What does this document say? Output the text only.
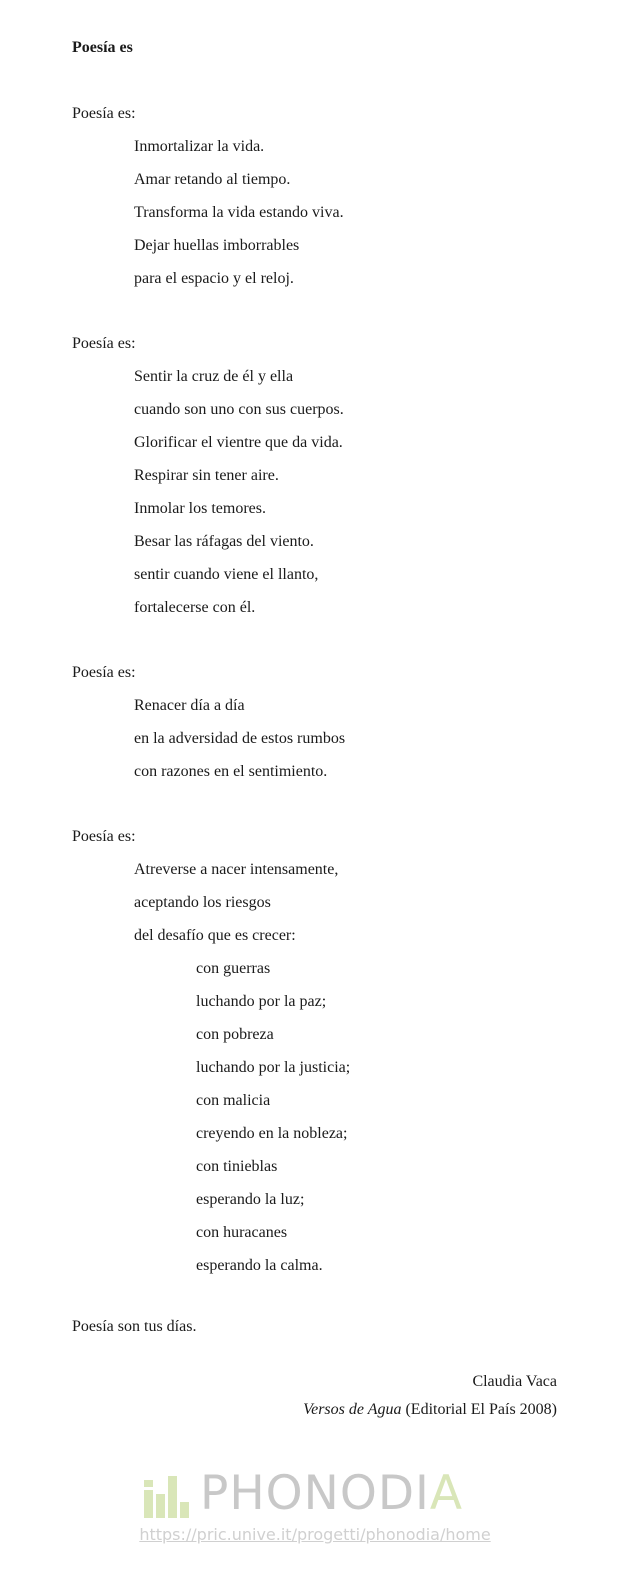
Poesía es
Poesía es:
Inmortalizar la vida.
Amar retando al tiempo.
Transforma la vida estando viva.
Dejar huellas imborrables
para el espacio y el reloj.
Poesía es:
Sentir la cruz de él y ella
cuando son uno con sus cuerpos.
Glorificar el vientre que da vida.
Respirar sin tener aire.
Inmolar los temores.
Besar las ráfagas del viento.
sentir cuando viene el llanto,
fortalecerse con él.
Poesía es:
Renacer día a día
en la adversidad de estos rumbos
con razones en el sentimiento.
Poesía es:
Atreverse a nacer intensamente,
aceptando los riesgos
del desafío que es crecer:
con guerras
luchando por la paz;
con pobreza
luchando por la justicia;
con malicia
creyendo en la nobleza;
con tinieblas
esperando la luz;
con huracanes
esperando la calma.
Poesía son tus días.
Claudia Vaca
Versos de Agua (Editorial El País 2008)
PHONODIA
https://pric.unive.it/progetti/phonodia/home
